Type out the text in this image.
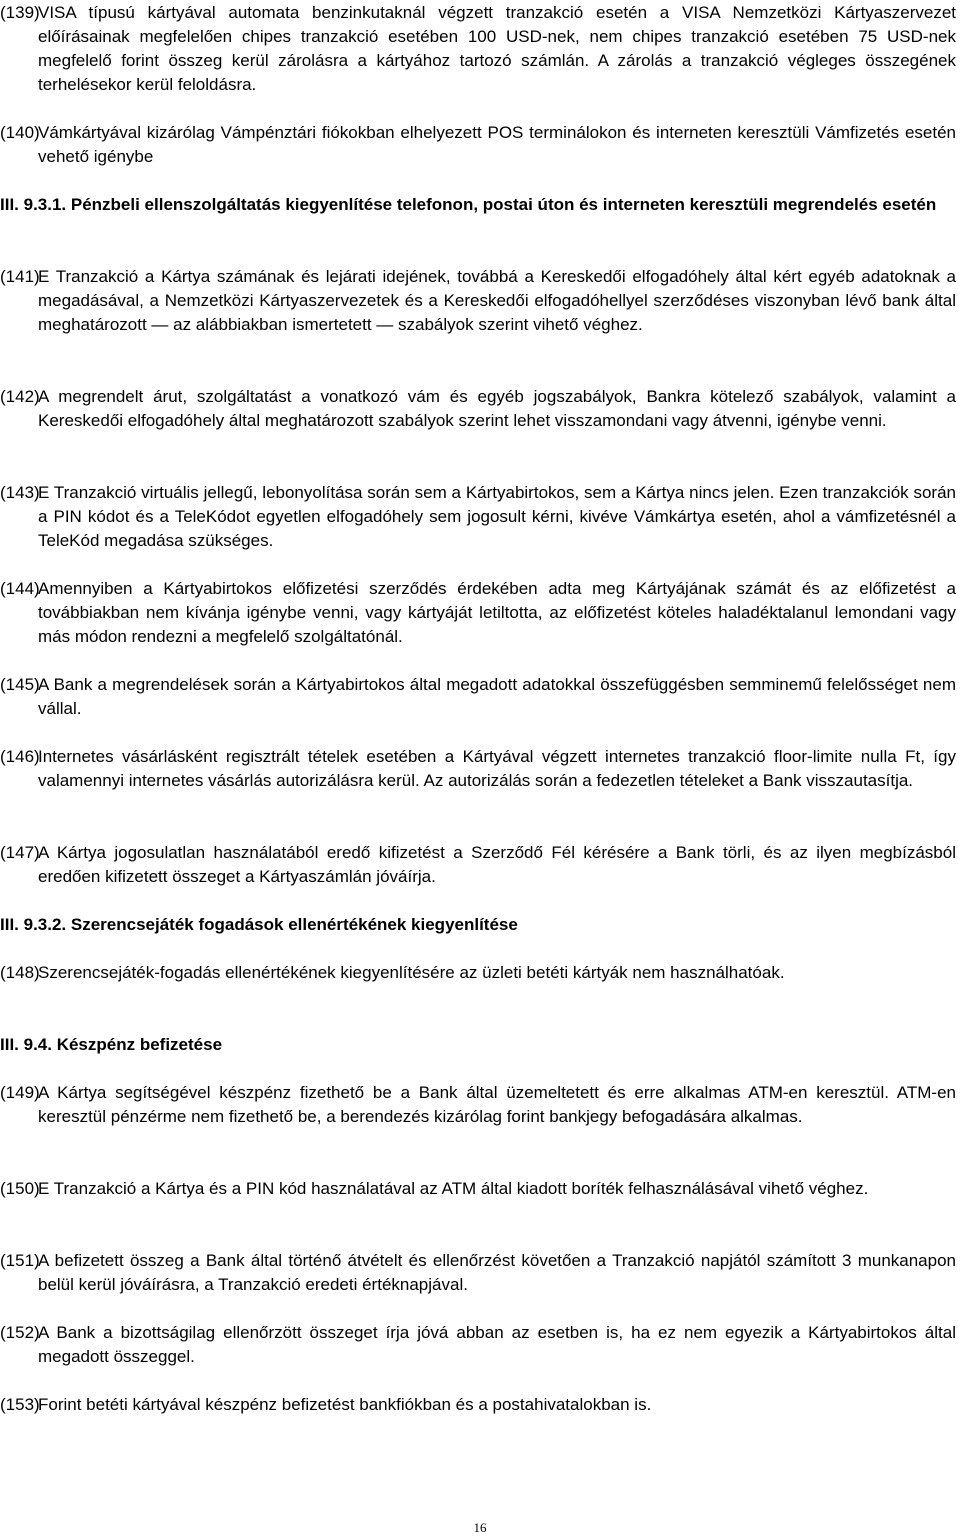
(139)VISA típusú kártyával automata benzinkutaknál végzett tranzakció esetén a VISA Nemzetközi Kártyaszervezet előírásainak megfelelően chipes tranzakció esetében 100 USD-nek, nem chipes tranzakció esetében 75 USD-nek megfelelő forint összeg kerül zárolásra a kártyához tartozó számlán. A zárolás a tranzakció végleges összegének terhelésekor kerül feloldásra.
(140)Vámkártyával kizárólag Vámpénztári fiókokban elhelyezett POS terminálokon és interneten keresztüli Vámfizetés esetén vehető igénybe
III. 9.3.1. Pénzbeli ellenszolgáltatás kiegyenlítése telefonon, postai úton és interneten keresztüli megrendelés esetén
(141)E Tranzakció a Kártya számának és lejárati idejének, továbbá a Kereskedői elfogadóhely által kért egyéb adatoknak a megadásával, a Nemzetközi Kártyaszervezetek és a Kereskedői elfogadóhellyel szerződéses viszonyban lévő bank által meghatározott — az alábbiakban ismertetett — szabályok szerint vihető véghez.
(142)A megrendelt árut, szolgáltatást a vonatkozó vám és egyéb jogszabályok, Bankra kötelező szabályok, valamint a Kereskedői elfogadóhely által meghatározott szabályok szerint lehet visszamondani vagy átvenni, igénybe venni.
(143)E Tranzakció virtuális jellegű, lebonyolítása során sem a Kártyabirtokos, sem a Kártya nincs jelen. Ezen tranzakciók során a PIN kódot és a TeleKódot egyetlen elfogadóhely sem jogosult kérni, kivéve Vámkártya esetén, ahol a vámfizetésnél a TeleKód megadása szükséges.
(144)Amennyiben a Kártyabirtokos előfizetési szerződés érdekében adta meg Kártyájának számát és az előfizetést a továbbiakban nem kívánja igénybe venni, vagy kártyáját letiltotta, az előfizetést köteles haladéktalanul lemondani vagy más módon rendezni a megfelelő szolgáltatónál.
(145)A Bank a megrendelések során a Kártyabirtokos által megadott adatokkal összefüggésben semminemű felelősséget nem vállal.
(146)Internetes vásárlásként regisztrált tételek esetében a Kártyával végzett internetes tranzakció floor-limite nulla Ft, így valamennyi internetes vásárlás autorizálásra kerül. Az autorizálás során a fedezetlen tételeket a Bank visszautasítja.
(147)A Kártya jogosulatlan használatából eredő kifizetést a Szerződő Fél kérésére a Bank törli, és az ilyen megbízásból eredően kifizetett összeget a Kártyaszámlán jóváírja.
III. 9.3.2. Szerencsejáték fogadások ellenértékének kiegyenlítése
(148)Szerencsejáték-fogadás ellenértékének kiegyenlítésére az üzleti betéti kártyák nem használhatóak.
III. 9.4. Készpénz befizetése
(149)A Kártya segítségével készpénz fizethető be a Bank által üzemeltetett és erre alkalmas ATM-en keresztül. ATM-en keresztül pénzérme nem fizethető be, a berendezés kizárólag forint bankjegy befogadására alkalmas.
(150)E Tranzakció a Kártya és a PIN kód használatával az ATM által kiadott boríték felhasználásával vihető véghez.
(151)A befizetett összeg a Bank által történő átvételt és ellenőrzést követően a Tranzakció napjától számított 3 munkanapon belül kerül jóváírásra, a Tranzakció eredeti értéknapjával.
(152)A Bank a bizottságilag ellenőrzött összeget írja jóvá abban az esetben is, ha ez nem egyezik a Kártyabirtokos által megadott összeggel.
(153)Forint betéti kártyával készpénz befizetést bankfiókban és a postahivatalokban is.
16
